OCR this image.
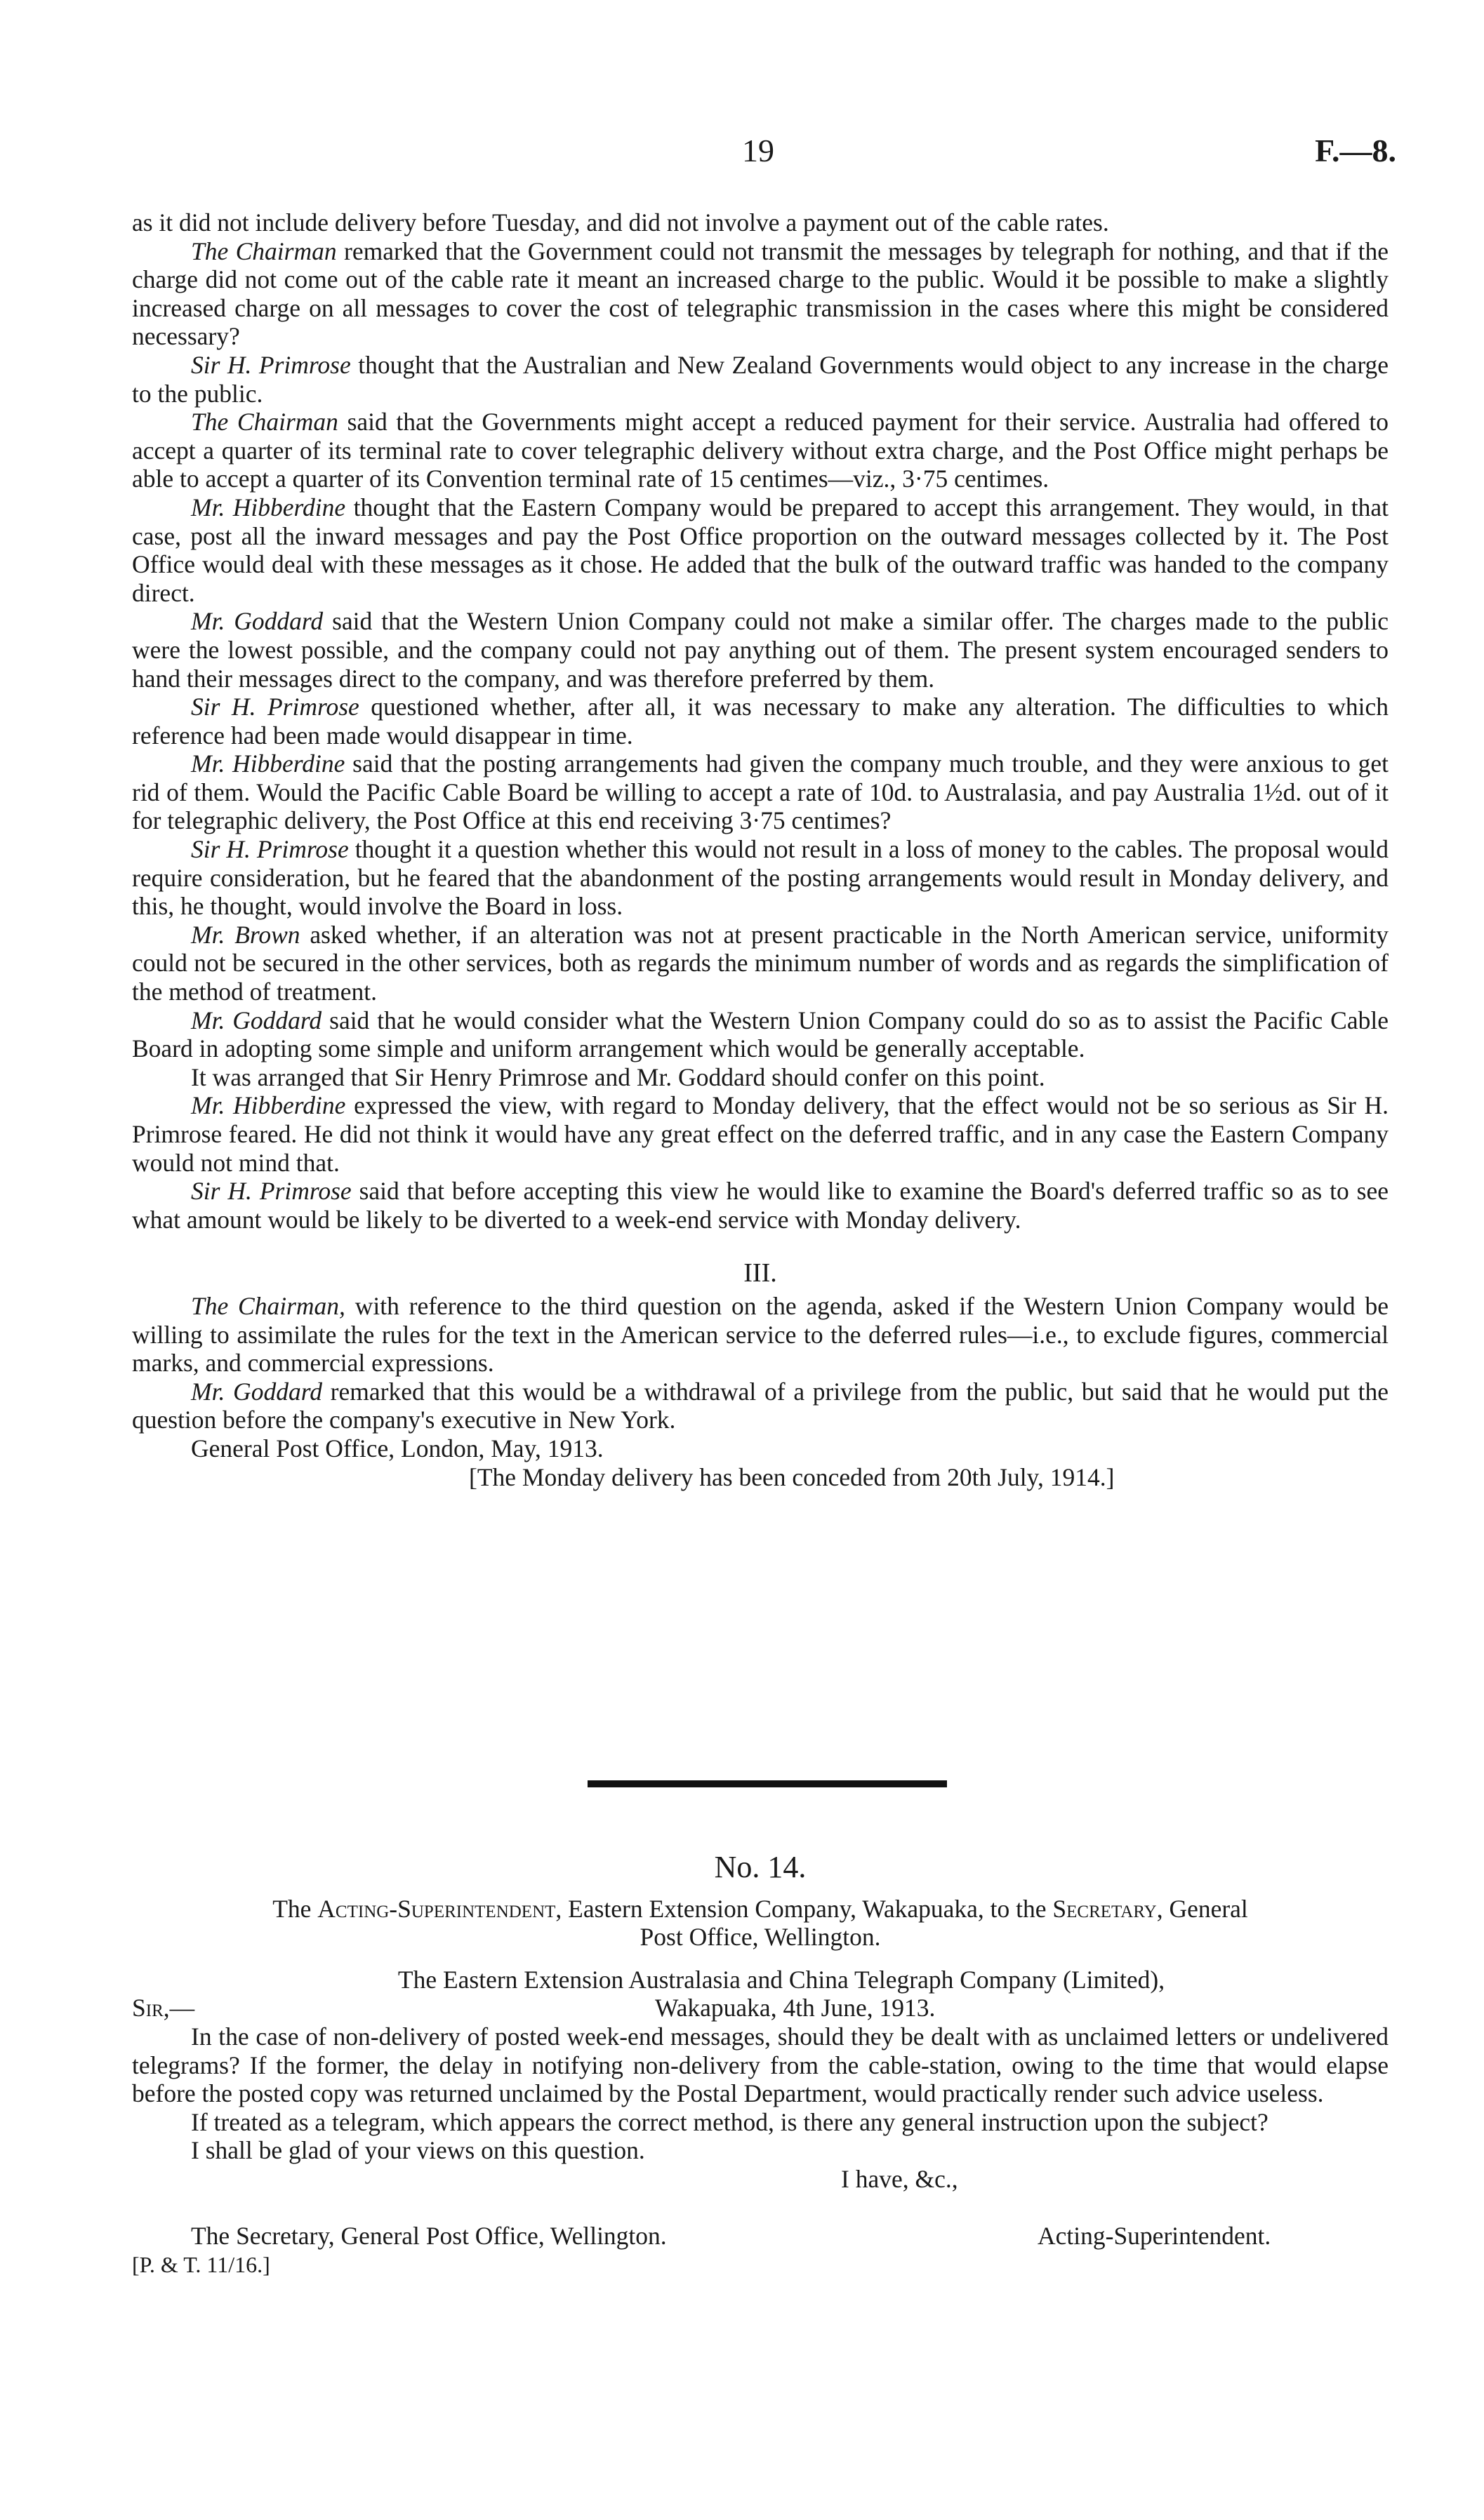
19	F.—8.

as it did not include delivery before Tuesday, and did not involve a payment out of the cable rates.

The Chairman remarked that the Government could not transmit the messages by telegraph for nothing, and that if the charge did not come out of the cable rate it meant an increased charge to the public. Would it be possible to make a slightly increased charge on all messages to cover the cost of telegraphic transmission in the cases where this might be considered necessary?

Sir H. Primrose thought that the Australian and New Zealand Governments would object to any increase in the charge to the public.

The Chairman said that the Governments might accept a reduced payment for their service. Australia had offered to accept a quarter of its terminal rate to cover telegraphic delivery without extra charge, and the Post Office might perhaps be able to accept a quarter of its Convention terminal rate of 15 centimes—viz., 3·75 centimes.

Mr. Hibberdine thought that the Eastern Company would be prepared to accept this arrangement. They would, in that case, post all the inward messages and pay the Post Office proportion on the outward messages collected by it. The Post Office would deal with these messages as it chose. He added that the bulk of the outward traffic was handed to the company direct.

Mr. Goddard said that the Western Union Company could not make a similar offer. The charges made to the public were the lowest possible, and the company could not pay anything out of them. The present system encouraged senders to hand their messages direct to the company, and was therefore preferred by them.

Sir H. Primrose questioned whether, after all, it was necessary to make any alteration. The difficulties to which reference had been made would disappear in time.

Mr. Hibberdine said that the posting arrangements had given the company much trouble, and they were anxious to get rid of them. Would the Pacific Cable Board be willing to accept a rate of 10d. to Australasia, and pay Australia 1½d. out of it for telegraphic delivery, the Post Office at this end receiving 3·75 centimes?

Sir H. Primrose thought it a question whether this would not result in a loss of money to the cables. The proposal would require consideration, but he feared that the abandonment of the posting arrangements would result in Monday delivery, and this, he thought, would involve the Board in loss.

Mr. Brown asked whether, if an alteration was not at present practicable in the North American service, uniformity could not be secured in the other services, both as regards the minimum number of words and as regards the simplification of the method of treatment.

Mr. Goddard said that he would consider what the Western Union Company could do so as to assist the Pacific Cable Board in adopting some simple and uniform arrangement which would be generally acceptable.

It was arranged that Sir Henry Primrose and Mr. Goddard should confer on this point.

Mr. Hibberdine expressed the view, with regard to Monday delivery, that the effect would not be so serious as Sir H. Primrose feared. He did not think it would have any great effect on the deferred traffic, and in any case the Eastern Company would not mind that.

Sir H. Primrose said that before accepting this view he would like to examine the Board's deferred traffic so as to see what amount would be likely to be diverted to a week-end service with Monday delivery.

III.

The Chairman, with reference to the third question on the agenda, asked if the Western Union Company would be willing to assimilate the rules for the text in the American service to the deferred rules—i.e., to exclude figures, commercial marks, and commercial expressions.

Mr. Goddard remarked that this would be a withdrawal of a privilege from the public, but said that he would put the question before the company's executive in New York.

General Post Office, London, May, 1913.

[The Monday delivery has been conceded from 20th July, 1914.]

No. 14.

The Acting-Superintendent, Eastern Extension Company, Wakapuaka, to the Secretary, General

Post Office, Wellington.

The Eastern Extension Australasia and China Telegraph Company (Limited),

Sir,—	Wakapuaka, 4th June, 1913.

In the case of non-delivery of posted week-end messages, should they be dealt with as unclaimed letters or undelivered telegrams? If the former, the delay in notifying non-delivery from the cable-station, owing to the time that would elapse before the posted copy was returned unclaimed by the Postal Department, would practically render such advice useless.

If treated as a telegram, which appears the correct method, is there any general instruction upon the subject?

I shall be glad of your views on this question.

I have, &c.,

The Secretary, General Post Office, Wellington.	Acting-Superintendent.

[P. & T. 11/16.]
